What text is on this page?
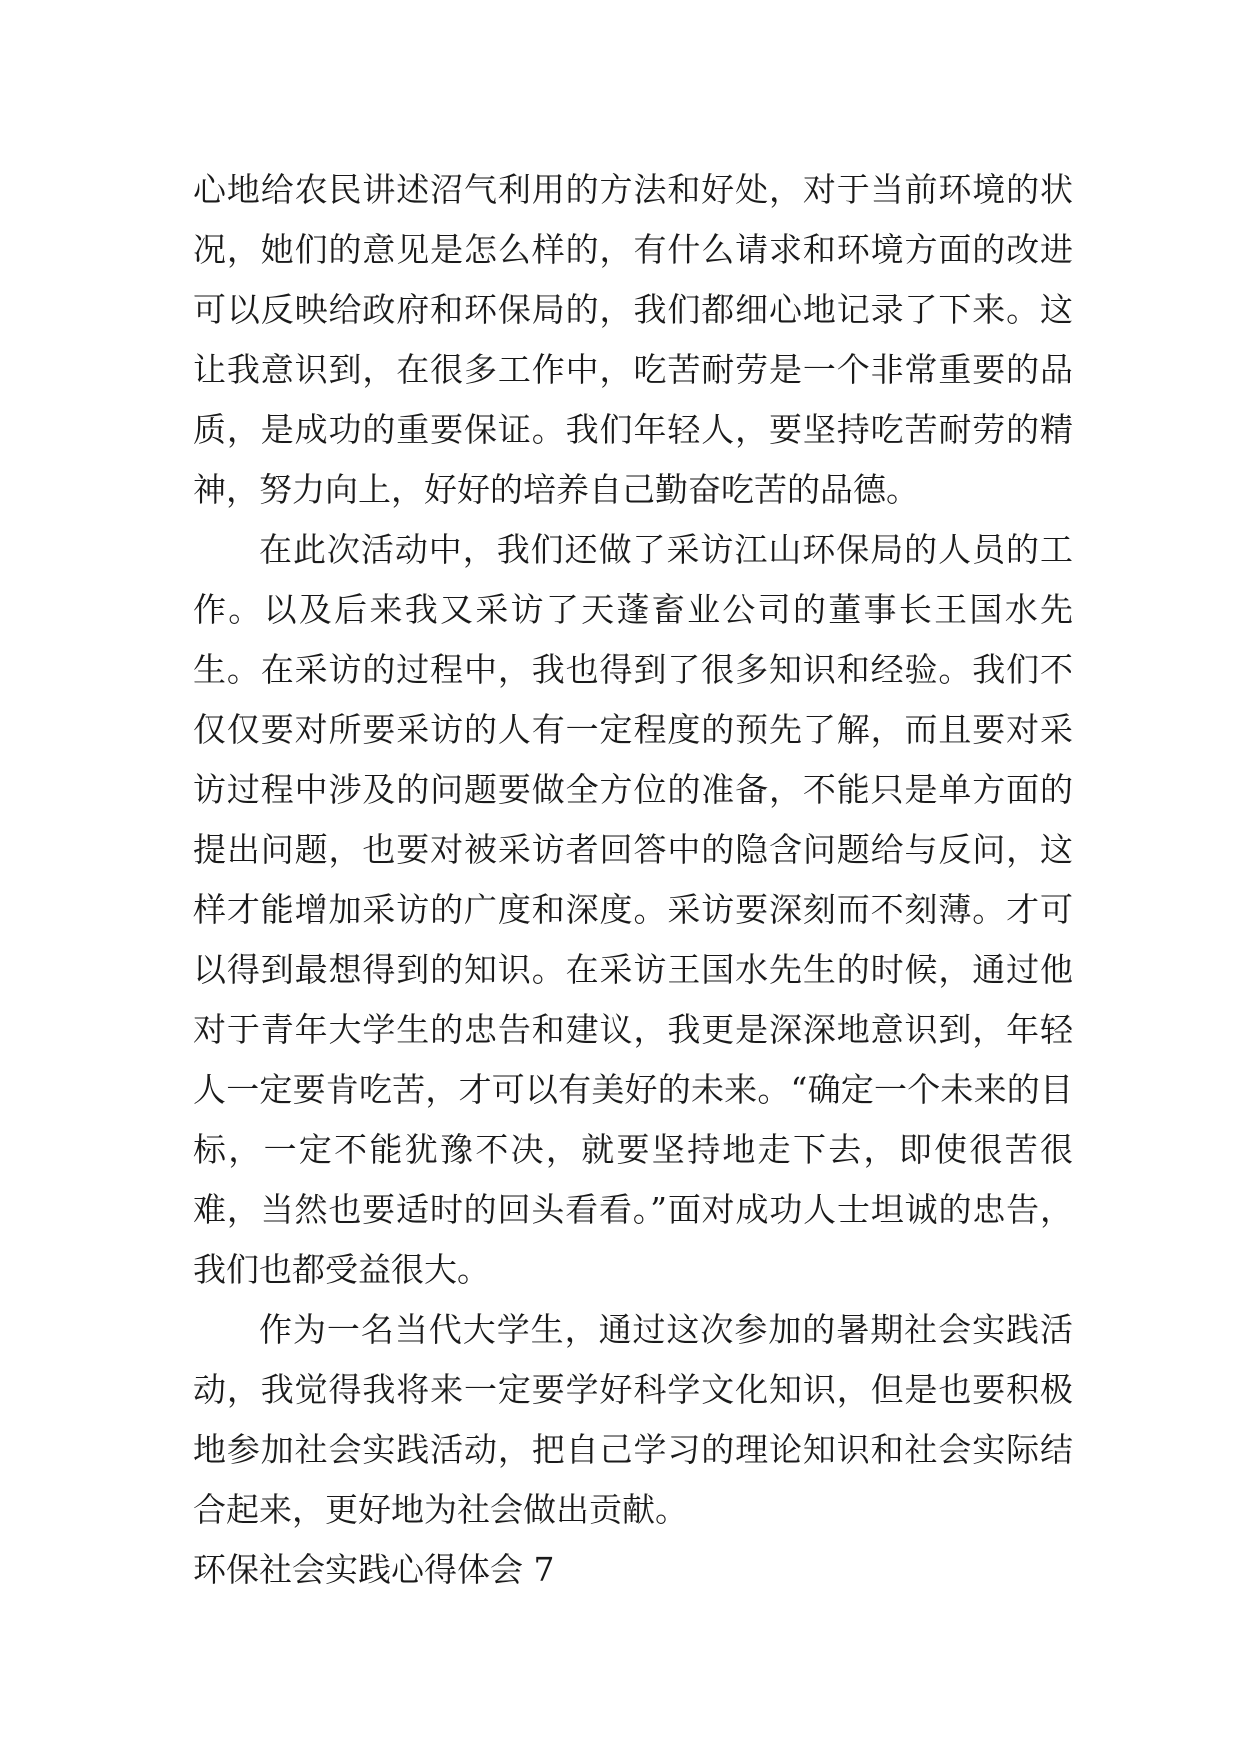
心地给农民讲述沼气利用的方法和好处，对于当前环境的状况，她们的意见是怎么样的，有什么请求和环境方面的改进可以反映给政府和环保局的，我们都细心地记录了下来。这让我意识到，在很多工作中，吃苦耐劳是一个非常重要的品质，是成功的重要保证。我们年轻人，要坚持吃苦耐劳的精神，努力向上，好好的培养自己勤奋吃苦的品德。

在此次活动中，我们还做了采访江山环保局的人员的工作。以及后来我又采访了天蓬畜业公司的董事长王国水先生。在采访的过程中，我也得到了很多知识和经验。我们不仅仅要对所要采访的人有一定程度的预先了解，而且要对采访过程中涉及的问题要做全方位的准备，不能只是单方面的提出问题，也要对被采访者回答中的隐含问题给与反问，这样才能增加采访的广度和深度。采访要深刻而不刻薄。才可以得到最想得到的知识。在采访王国水先生的时候，通过他对于青年大学生的忠告和建议，我更是深深地意识到，年轻人一定要肯吃苦，才可以有美好的未来。“确定一个未来的目标，一定不能犹豫不决，就要坚持地走下去，即使很苦很难，当然也要适时的回头看看。”面对成功人士坦诚的忠告，我们也都受益很大。

作为一名当代大学生，通过这次参加的暑期社会实践活动，我觉得我将来一定要学好科学文化知识，但是也要积极地参加社会实践活动，把自己学习的理论知识和社会实际结合起来，更好地为社会做出贡献。

环保社会实践心得体会 7
